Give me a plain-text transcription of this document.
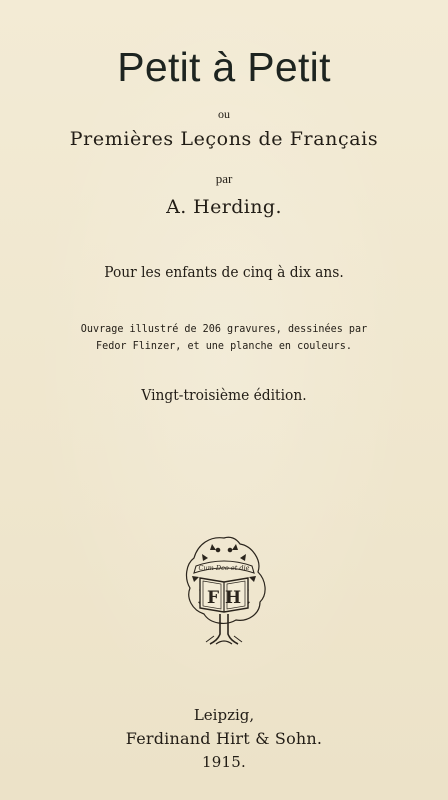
Petit à Petit
ou
Premières Leçons de Français
par
A. Herding.
Pour les enfants de cinq à dix ans.
Ouvrage illustré de 206 gravures, dessinées par
Fedor Flinzer, et une planche en couleurs.
Vingt-troisième édition.
Cum Deo et die
F H
Leipzig,
Ferdinand Hirt & Sohn.
1915.
